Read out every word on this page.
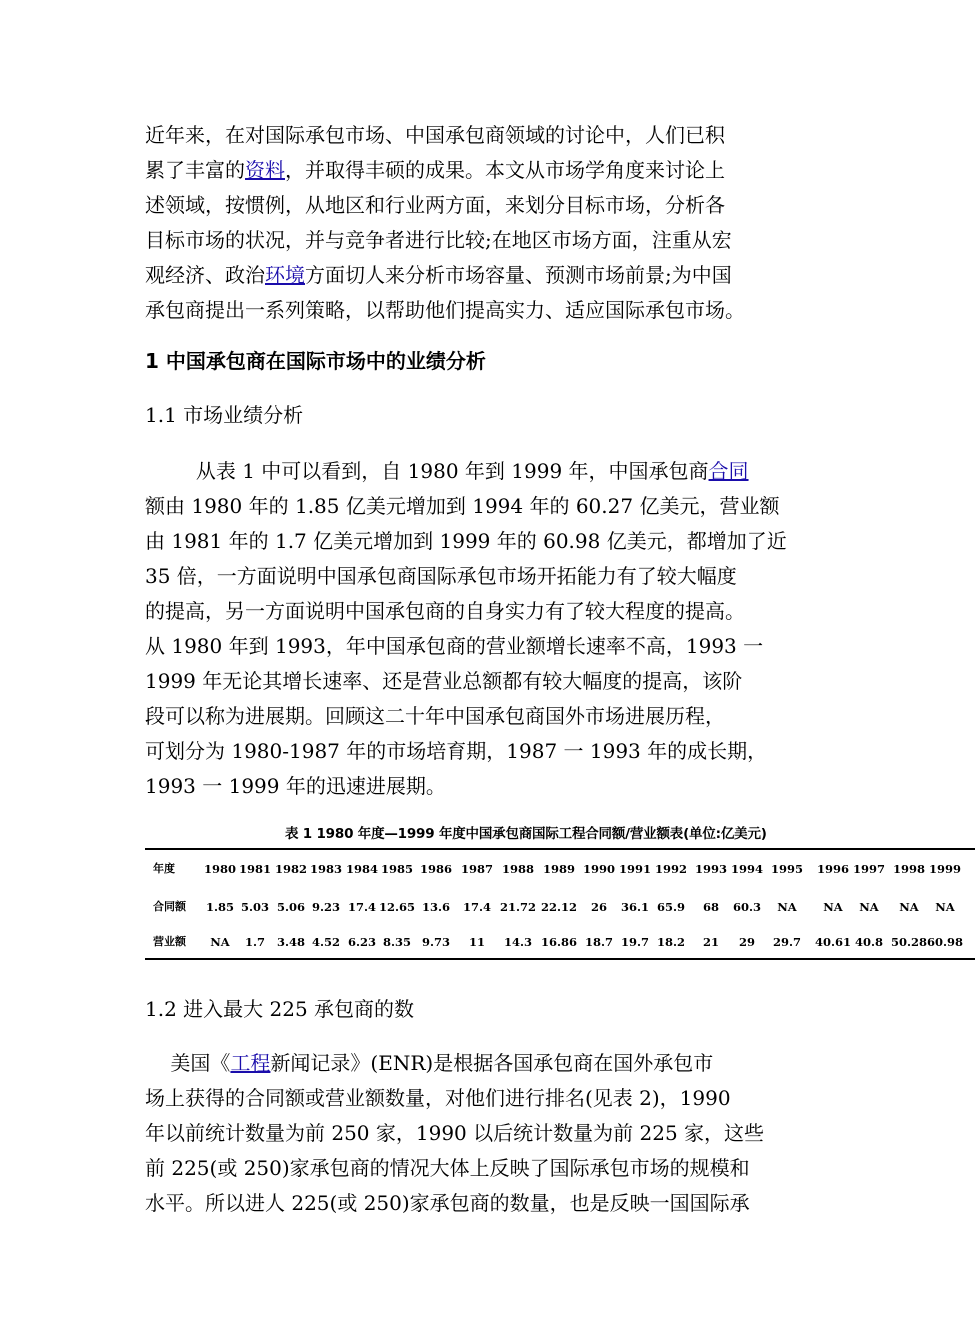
近年来，在对国际承包市场、中国承包商领域的讨论中，人们已积
累了丰富的资料，并取得丰硕的成果。本文从市场学角度来讨论上
述领域，按惯例，从地区和行业两方面，来划分目标市场，分析各
目标市场的状况，并与竞争者进行比较;在地区市场方面，注重从宏
观经济、政治环境方面切人来分析市场容量、预测市场前景;为中国
承包商提出一系列策略，以帮助他们提高实力、适应国际承包市场。
1 中国承包商在国际市场中的业绩分析
1.1 市场业绩分析
从表 1 中可以看到，自 1980 年到 1999 年，中国承包商合同
额由 1980 年的 1.85 亿美元增加到 1994 年的 60.27 亿美元，营业额
由 1981 年的 1.7 亿美元增加到 1999 年的 60.98 亿美元，都增加了近
35 倍，一方面说明中国承包商国际承包市场开拓能力有了较大幅度
的提高，另一方面说明中国承包商的自身实力有了较大程度的提高。
从 1980 年到 1993，年中国承包商的营业额增长速率不高，1993 一
1999 年无论其增长速率、还是营业总额都有较大幅度的提高，该阶
段可以称为进展期。回顾这二十年中国承包商国外市场进展历程，
可划分为 1980-1987 年的市场培育期，1987 一 1993 年的成长期，
1993 一 1999 年的迅速进展期。
表 1 1980 年度—1999 年度中国承包商国际工程合同额/营业额表(单位:亿美元)
年度	1980 1981 1982 1983 1984 1985 1986 1987 1988 1989 1990 1991 1992 1993 1994 1995 1996 1997 1998 1999
合同额 1.85 5.03 5.06 9.23 17.4 12.65 13.6 17.4 21.72 22.12 26 36.1 65.9 68 60.3 NA NA NA NA NA
营业额 NA 1.7 3.48 4.52 6.23 8.35 9.73 11 14.3 16.86 18.7 19.7 18.2 21 29 29.7 40.61 40.8 50.28 60.98
1.2 进入最大 225 承包商的数
美国《工程新闻记录》(ENR)是根据各国承包商在国外承包市
场上获得的合同额或营业额数量，对他们进行排名(见表 2)，1990
年以前统计数量为前 250 家，1990 以后统计数量为前 225 家，这些
前 225(或 250)家承包商的情况大体上反映了国际承包市场的规模和
水平。所以进人 225(或 250)家承包商的数量，也是反映一国国际承
